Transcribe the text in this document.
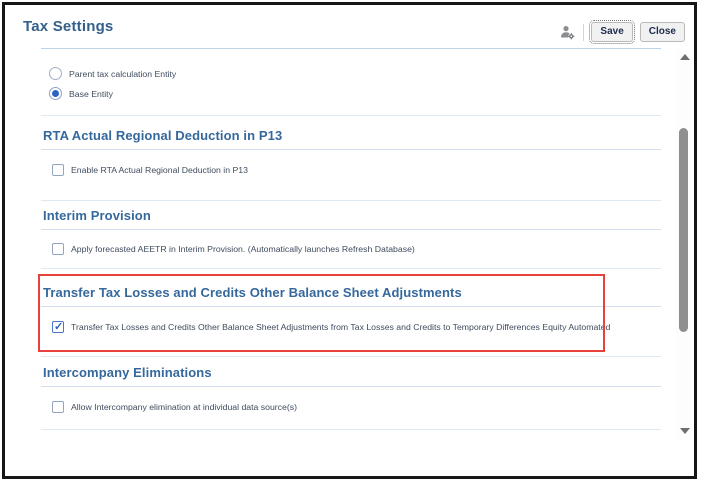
Tax Settings	Save	Close
Parent tax calculation Entity
Base Entity
RTA Actual Regional Deduction in P13
Enable RTA Actual Regional Deduction in P13
Interim Provision
Apply forecasted AEETR in Interim Provision. (Automatically launches Refresh Database)
Transfer Tax Losses and Credits Other Balance Sheet Adjustments
✓
Transfer Tax Losses and Credits Other Balance Sheet Adjustments from Tax Losses and Credits to Temporary Differences Equity Automated
Intercompany Eliminations
Allow Intercompany elimination at individual data source(s)
